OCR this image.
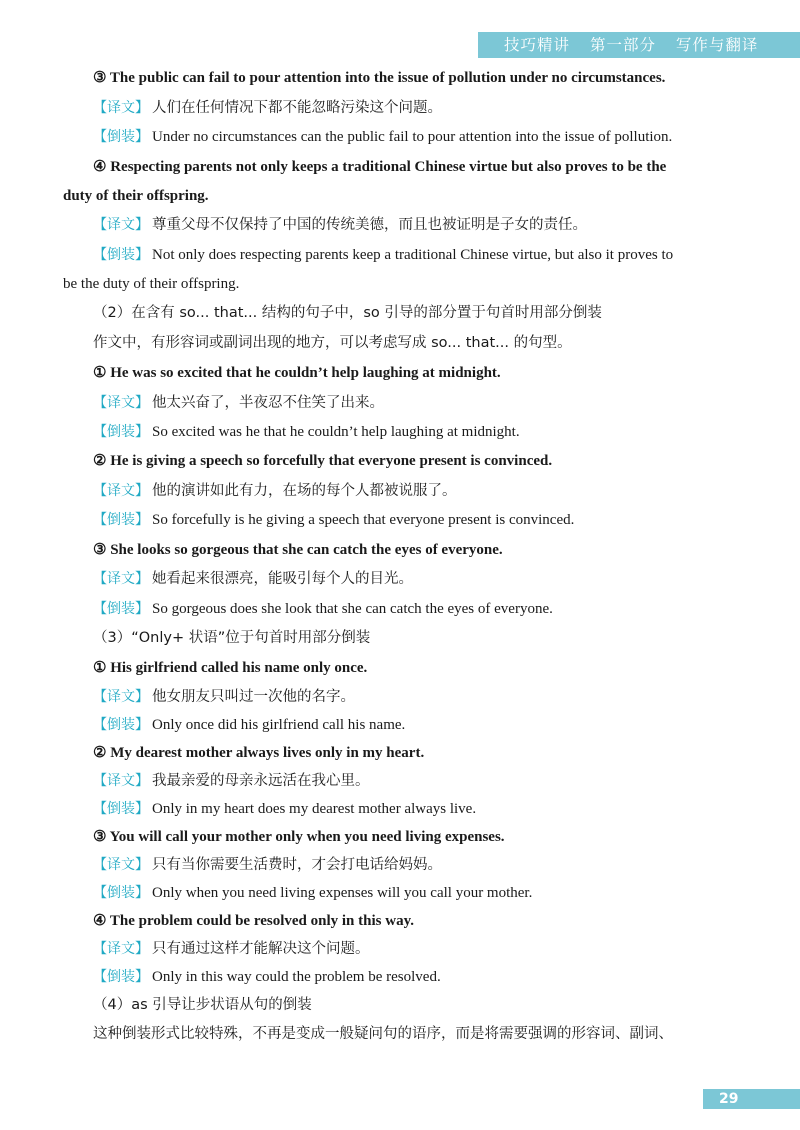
技巧精讲 第一部分 写作与翻译
③ The public can fail to pour attention into the issue of pollution under no circumstances.
【译文】 人们在任何情况下都不能忽略污染这个问题。
【倒装】 Under no circumstances can the public fail to pour attention into the issue of pollution.
④ Respecting parents not only keeps a traditional Chinese virtue but also proves to be the
duty of their offspring.
【译文】 尊重父母不仅保持了中国的传统美德，而且也被证明是子女的责任。
【倒装】 Not only does respecting parents keep a traditional Chinese virtue, but also it proves to
be the duty of their offspring.
（2）在含有 so... that... 结构的句子中，so 引导的部分置于句首时用部分倒装
作文中，有形容词或副词出现的地方，可以考虑写成 so... that... 的句型。
① He was so excited that he couldn’t help laughing at midnight.
【译文】 他太兴奋了，半夜忍不住笑了出来。
【倒装】 So excited was he that he couldn’t help laughing at midnight.
② He is giving a speech so forcefully that everyone present is convinced.
【译文】 他的演讲如此有力，在场的每个人都被说服了。
【倒装】 So forcefully is he giving a speech that everyone present is convinced.
③ She looks so gorgeous that she can catch the eyes of everyone.
【译文】 她看起来很漂亮，能吸引每个人的目光。
【倒装】 So gorgeous does she look that she can catch the eyes of everyone.
（3）“Only+ 状语”位于句首时用部分倒装
① His girlfriend called his name only once.
【译文】 他女朋友只叫过一次他的名字。
【倒装】 Only once did his girlfriend call his name.
② My dearest mother always lives only in my heart.
【译文】 我最亲爱的母亲永远活在我心里。
【倒装】 Only in my heart does my dearest mother always live.
③ You will call your mother only when you need living expenses.
【译文】 只有当你需要生活费时，才会打电话给妈妈。
【倒装】 Only when you need living expenses will you call your mother.
④ The problem could be resolved only in this way.
【译文】 只有通过这样才能解决这个问题。
【倒装】 Only in this way could the problem be resolved.
（4）as 引导让步状语从句的倒装
这种倒装形式比较特殊，不再是变成一般疑问句的语序，而是将需要强调的形容词、副词、
29
